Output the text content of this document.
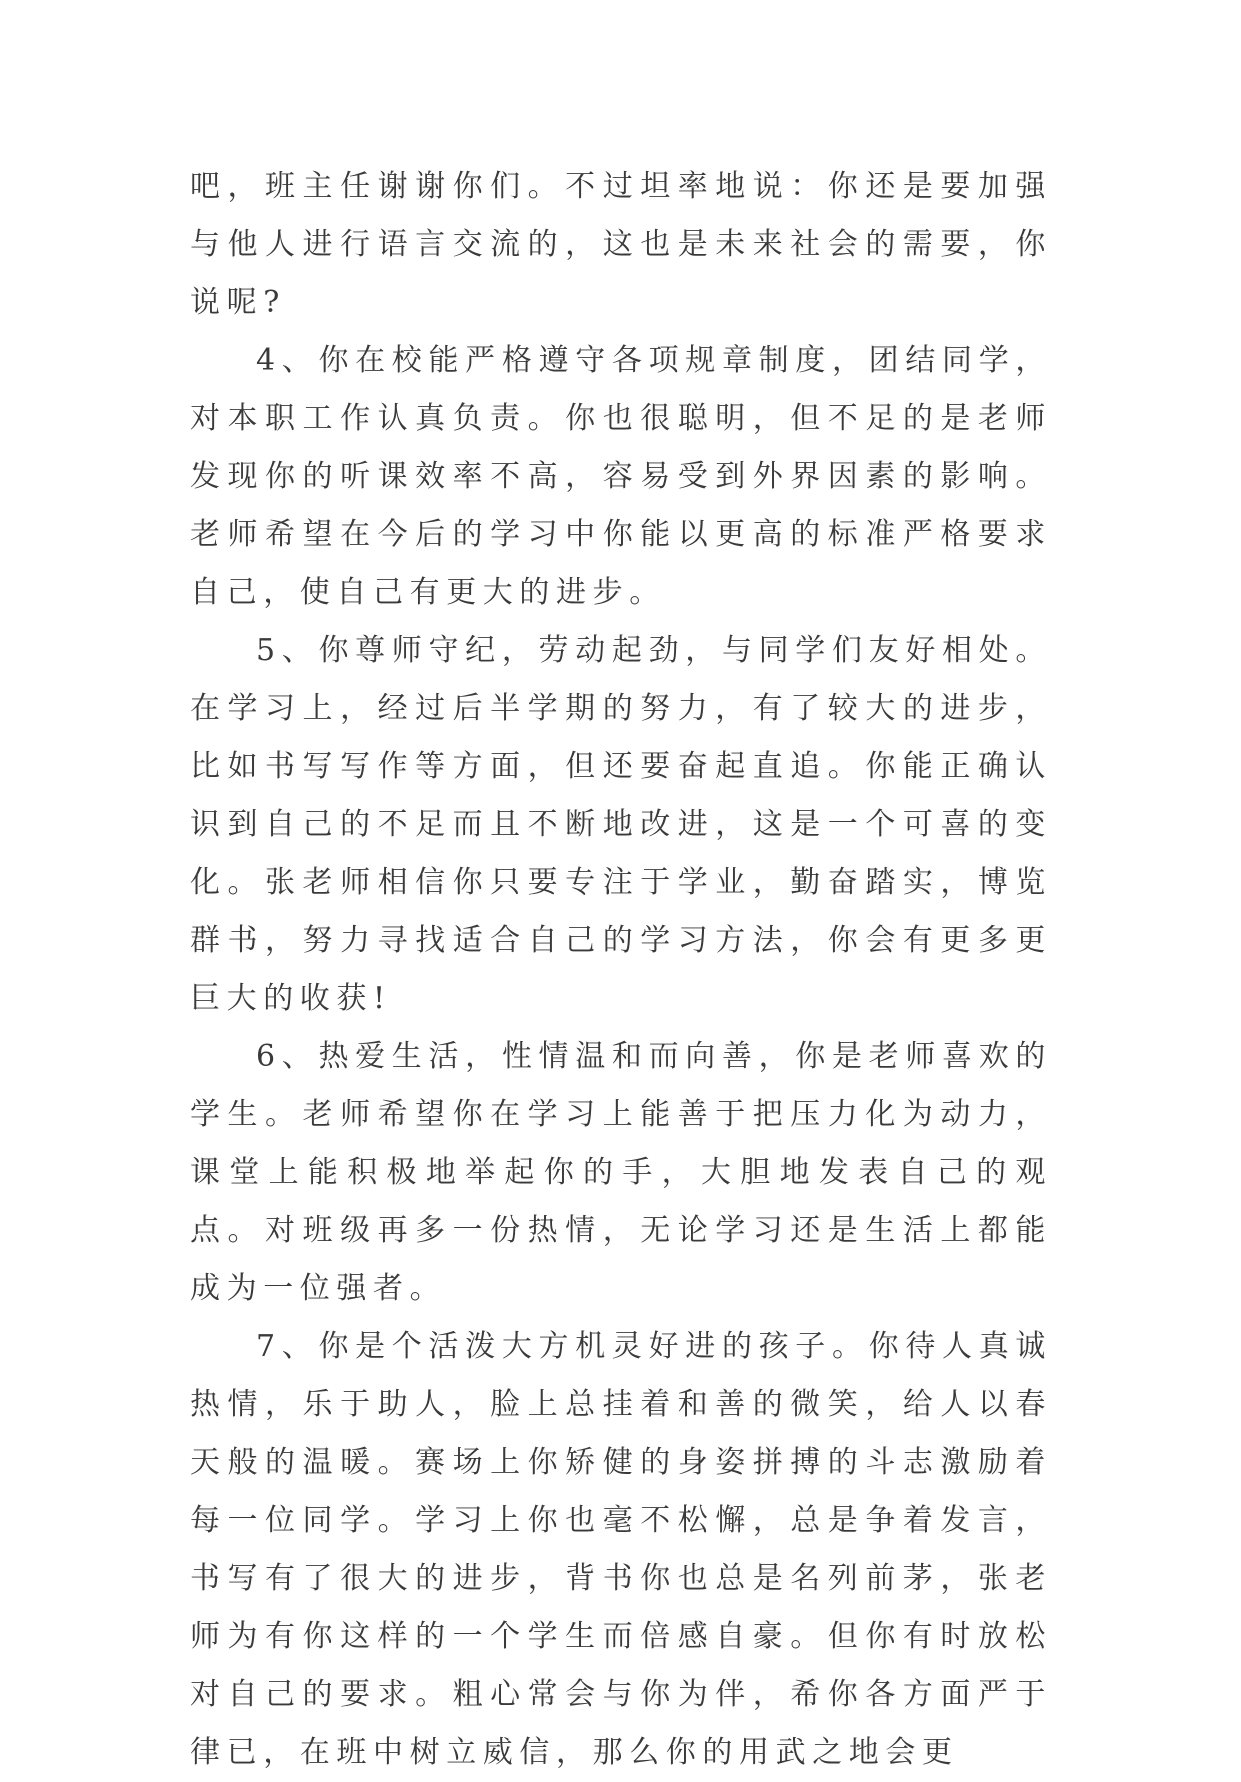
吧，班主任谢谢你们。不过坦率地说：你还是要加强与他人进行语言交流的，这也是未来社会的需要，你说呢?

4、你在校能严格遵守各项规章制度，团结同学，对本职工作认真负责。你也很聪明，但不足的是老师发现你的听课效率不高，容易受到外界因素的影响。老师希望在今后的学习中你能以更高的标准严格要求自己，使自己有更大的进步。

5、你尊师守纪，劳动起劲，与同学们友好相处。在学习上，经过后半学期的努力，有了较大的进步，比如书写写作等方面，但还要奋起直追。你能正确认识到自己的不足而且不断地改进，这是一个可喜的变化。张老师相信你只要专注于学业，勤奋踏实，博览群书，努力寻找适合自己的学习方法，你会有更多更巨大的收获!

6、热爱生活，性情温和而向善，你是老师喜欢的学生。老师希望你在学习上能善于把压力化为动力，课堂上能积极地举起你的手，大胆地发表自己的观点。对班级再多一份热情，无论学习还是生活上都能成为一位强者。

7、你是个活泼大方机灵好进的孩子。你待人真诚热情，乐于助人，脸上总挂着和善的微笑，给人以春天般的温暖。赛场上你矫健的身姿拼搏的斗志激励着每一位同学。学习上你也毫不松懈，总是争着发言，书写有了很大的进步，背书你也总是名列前茅，张老师为有你这样的一个学生而倍感自豪。但你有时放松对自己的要求。粗心常会与你为伴，希你各方面严于律已，在班中树立威信，那么你的用武之地会更
